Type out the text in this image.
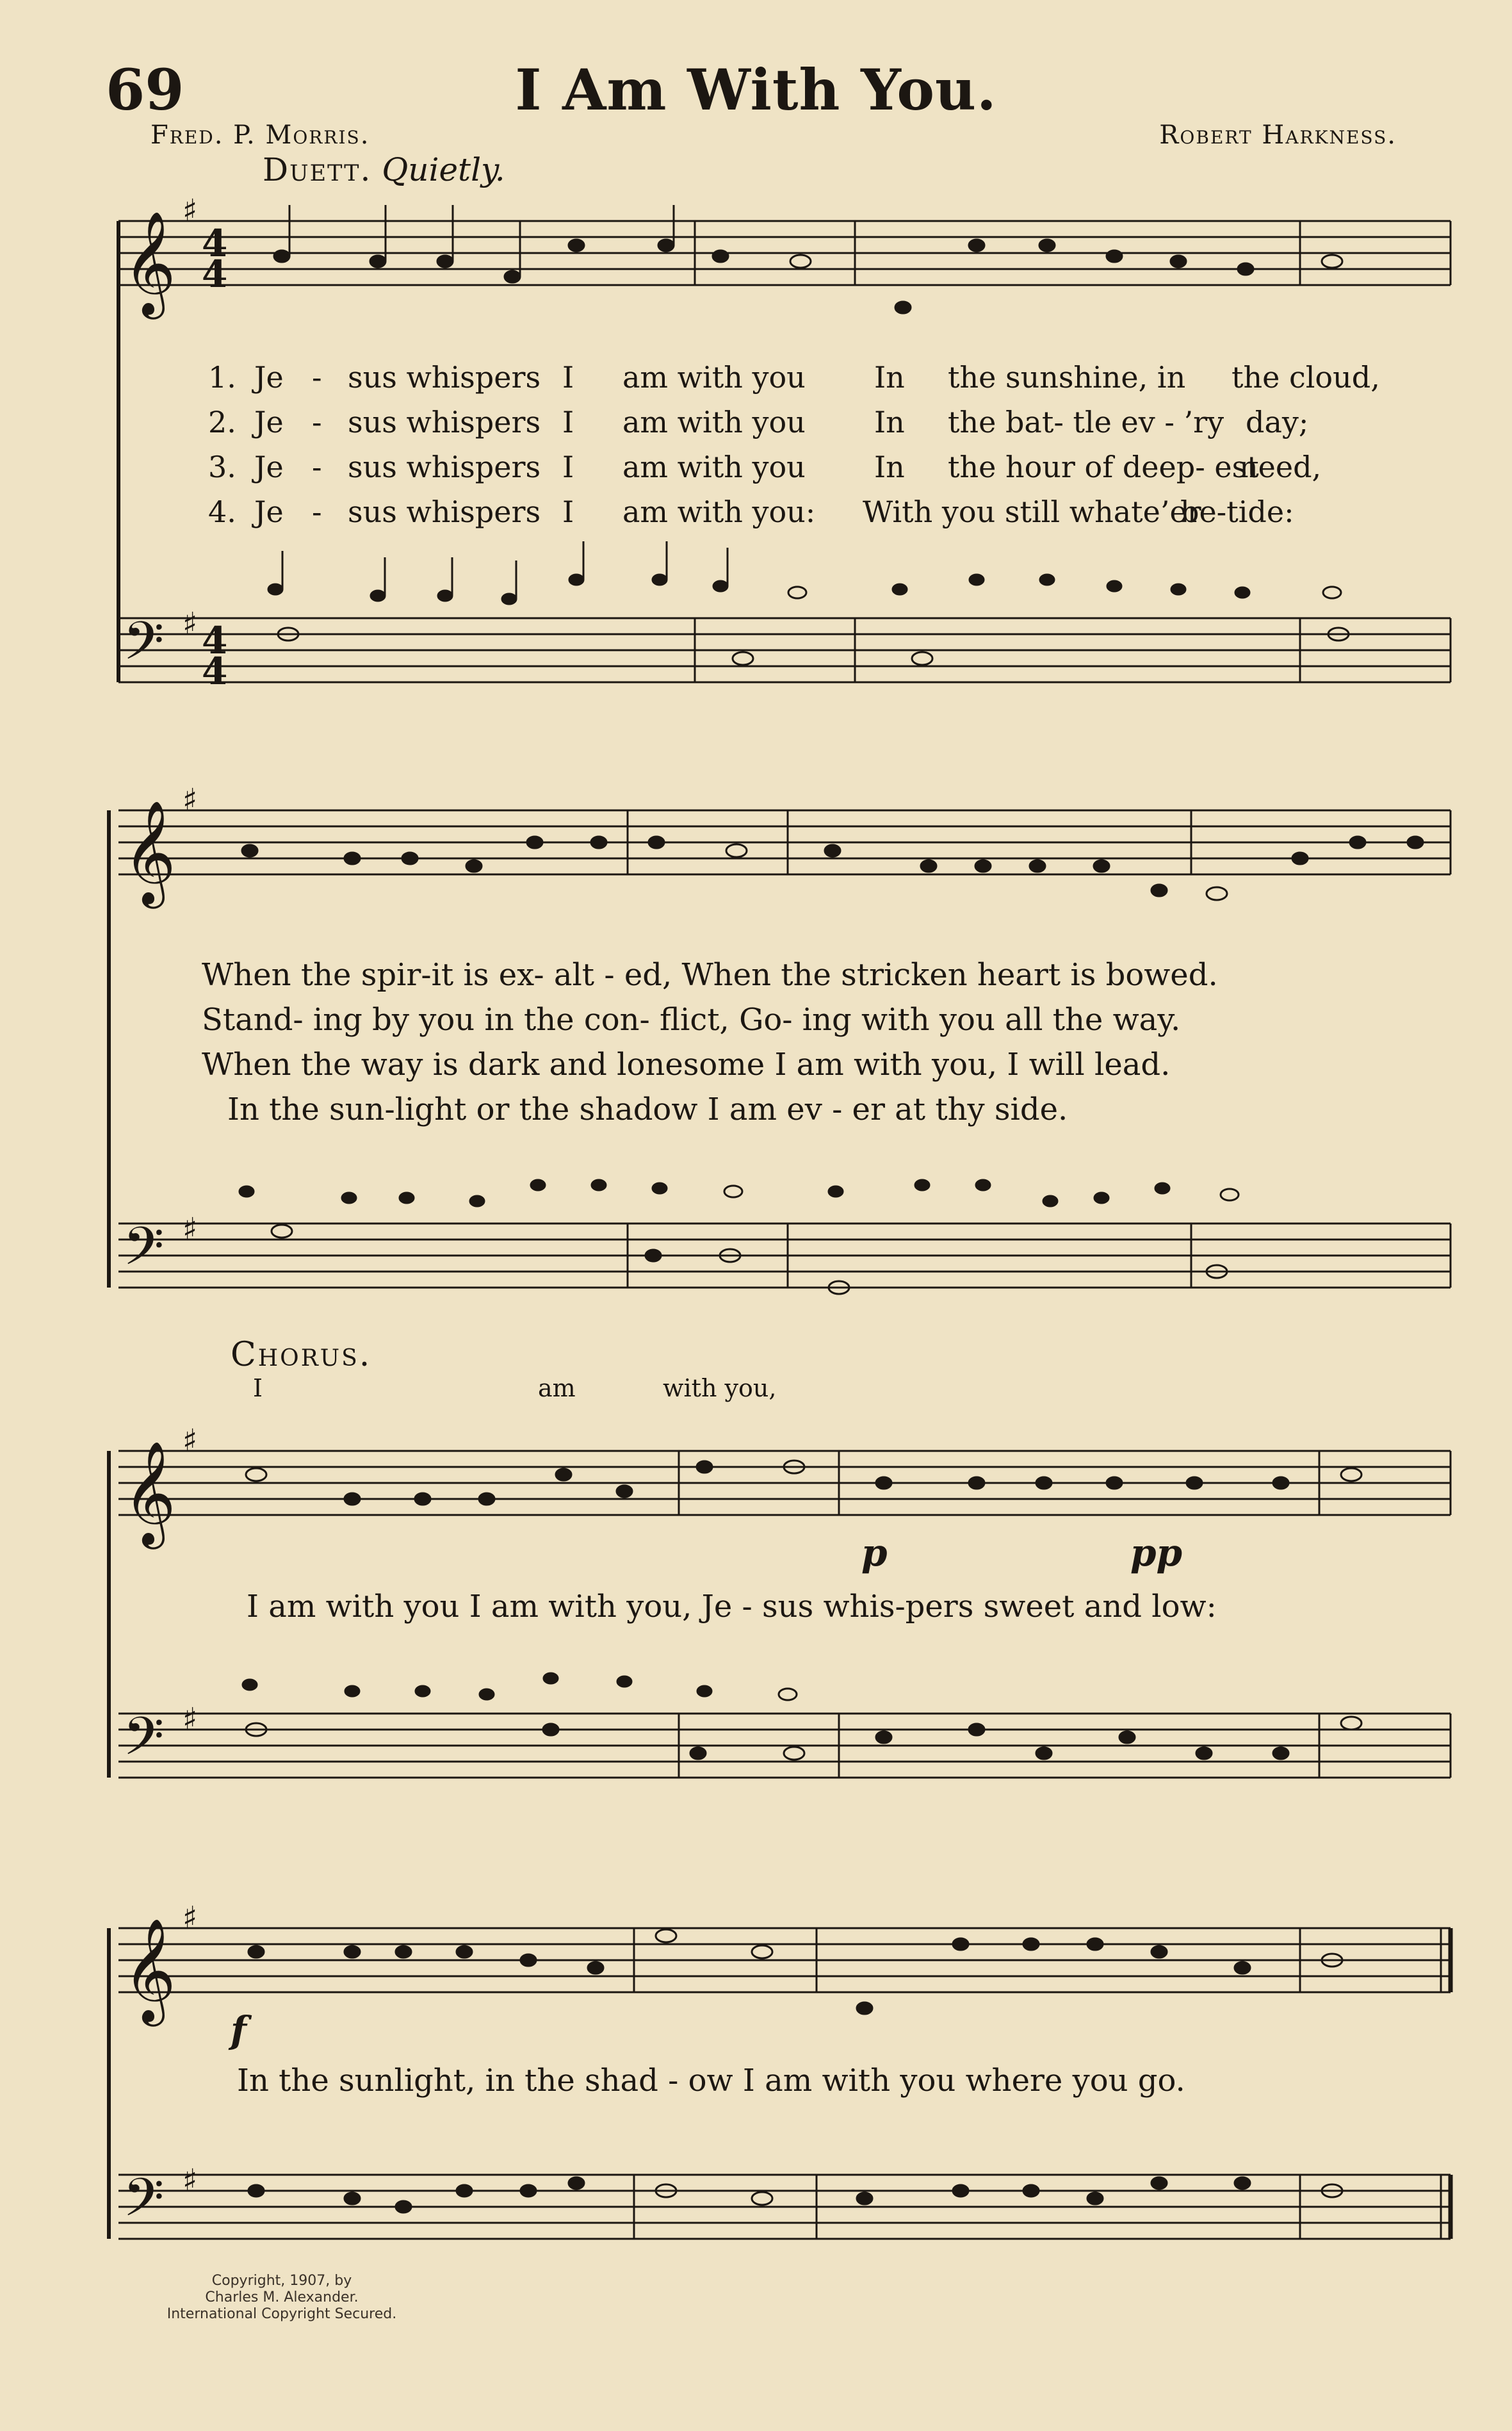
69	I Am With You.
Fred. P. Morris.	Robert Harkness.
Duett. Quietly.
𝄞 4
4
♯
𝄢 4
4
♯
𝄞 ♯
𝄢 ♯
𝄞 ♯
𝄢 ♯
𝄞 ♯
𝄢 ♯
1. Je - sus whispers I am with you In the sunshine, in the cloud,
2. Je - sus whispers I am with you In the bat- tle ev - ’ry day;
3. Je - sus whispers I am with you In the hour of deep- est
need,
4. Je - sus whispers I am with you: With you still whate’er
be-tide:
When the spir-it is ex- alt - ed, When the stricken heart is bowed.
Stand- ing by you in the con- flict, Go- ing with you all the way.
When the way is dark and lonesome I am with you, I will lead.
In the sun-light or the shadow I am ev - er at thy side.
Chorus.
I	am	with you,
p	pp
I am with you I am with you, Je - sus whis-pers sweet and low:
f
In the sunlight, in the shad - ow I am with you where you go.
Copyright, 1907, by
Charles M. Alexander.
International Copyright Secured.
